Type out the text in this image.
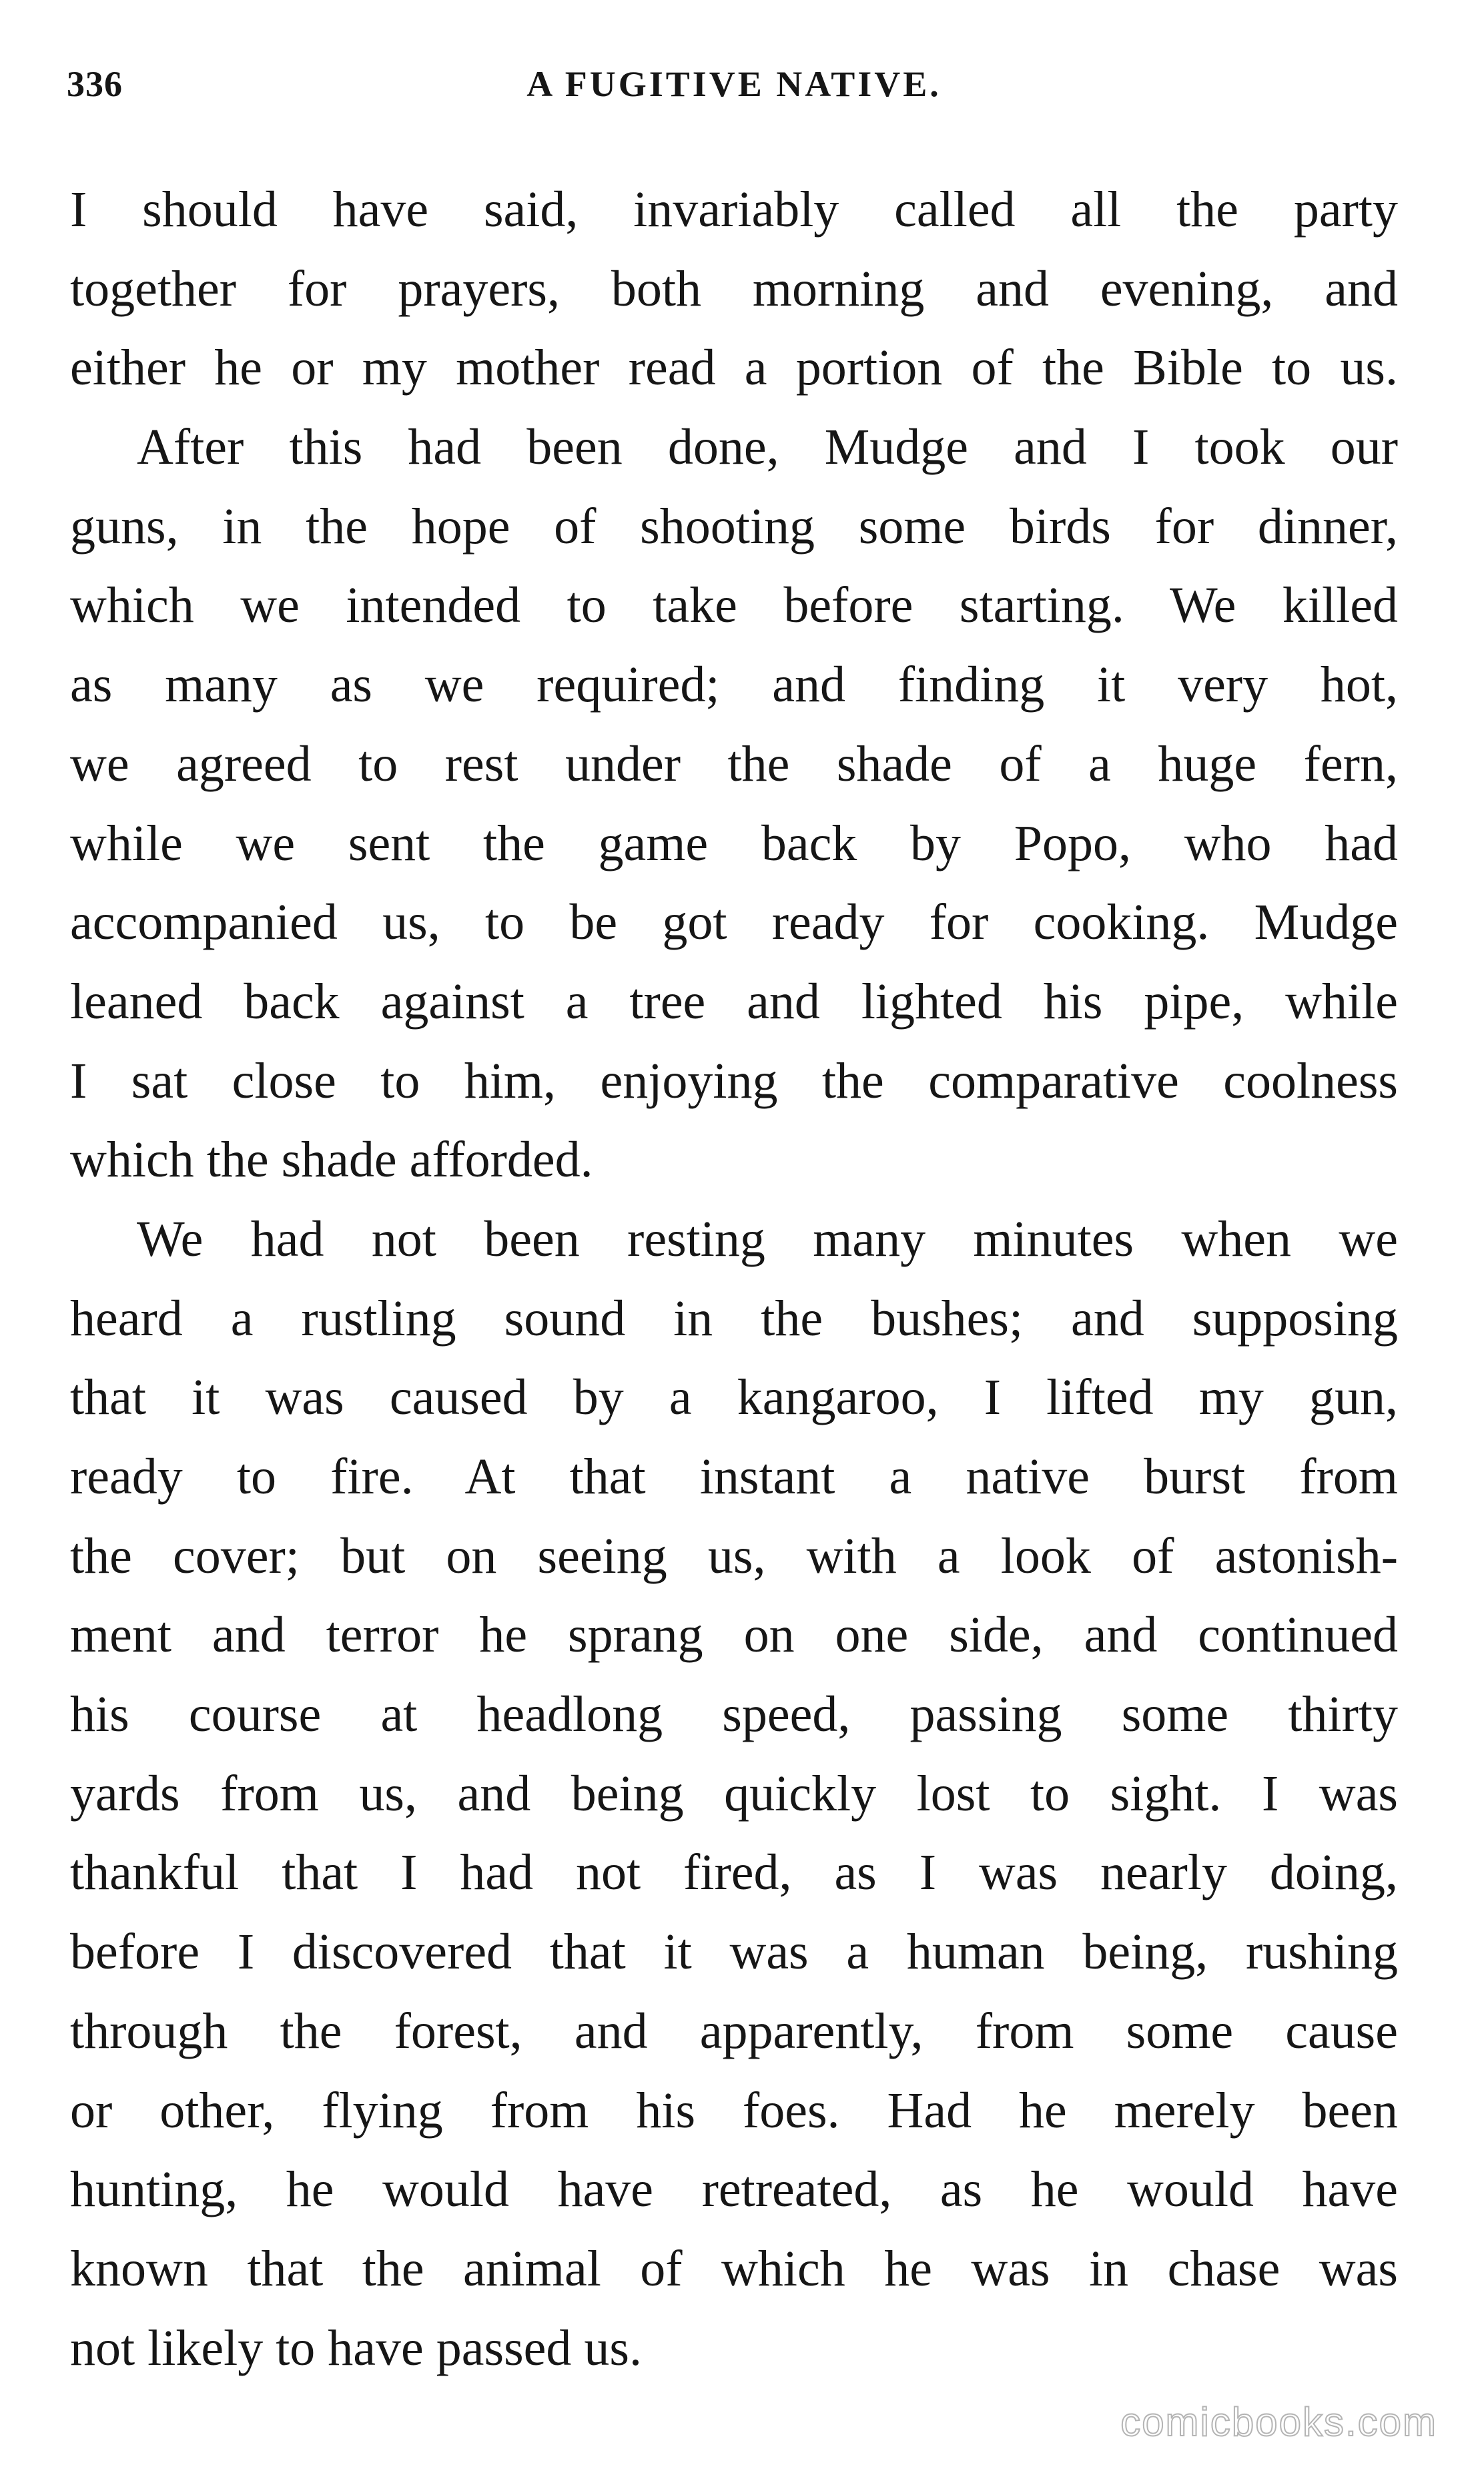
336	A FUGITIVE NATIVE.
I should have said, invariably called all the party
together for prayers, both morning and evening, and
either he or my mother read a portion of the Bible to us.
After this had been done, Mudge and I took our
guns, in the hope of shooting some birds for dinner,
which we intended to take before starting. We killed
as many as we required; and finding it very hot,
we agreed to rest under the shade of a huge fern,
while we sent the game back by Popo, who had
accompanied us, to be got ready for cooking. Mudge
leaned back against a tree and lighted his pipe, while
I sat close to him, enjoying the comparative coolness
which the shade afforded.
We had not been resting many minutes when we
heard a rustling sound in the bushes; and supposing
that it was caused by a kangaroo, I lifted my gun,
ready to fire. At that instant a native burst from
the cover; but on seeing us, with a look of astonish-
ment and terror he sprang on one side, and continued
his course at headlong speed, passing some thirty
yards from us, and being quickly lost to sight. I was
thankful that I had not fired, as I was nearly doing,
before I discovered that it was a human being, rushing
through the forest, and apparently, from some cause
or other, flying from his foes. Had he merely been
hunting, he would have retreated, as he would have
known that the animal of which he was in chase was
not likely to have passed us.
comicbooks.com
